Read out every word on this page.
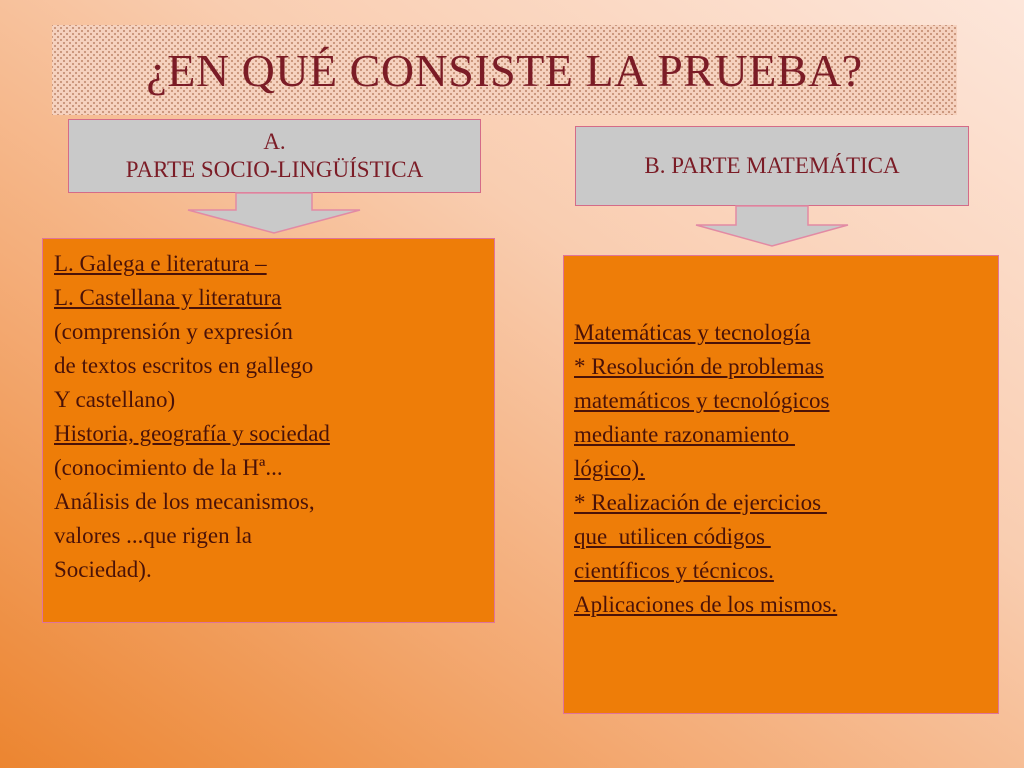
¿EN QUÉ CONSISTE LA PRUEBA?
A.
PARTE SOCIO-LINGÜÍSTICA	B. PARTE MATEMÁTICA
L. Galega e literatura –
L. Castellana y literatura
(comprensión y expresión
de textos escritos en gallego
Y castellano)
Historia, geografía y sociedad
(conocimiento de la Hª...
Análisis de los mecanismos,
valores ...que rigen la
Sociedad).
Matemáticas y tecnología
* Resolución de problemas
matemáticos y tecnológicos
mediante razonamiento
lógico).
* Realización de ejercicios
que  utilicen códigos
científicos y técnicos.
Aplicaciones de los mismos.
